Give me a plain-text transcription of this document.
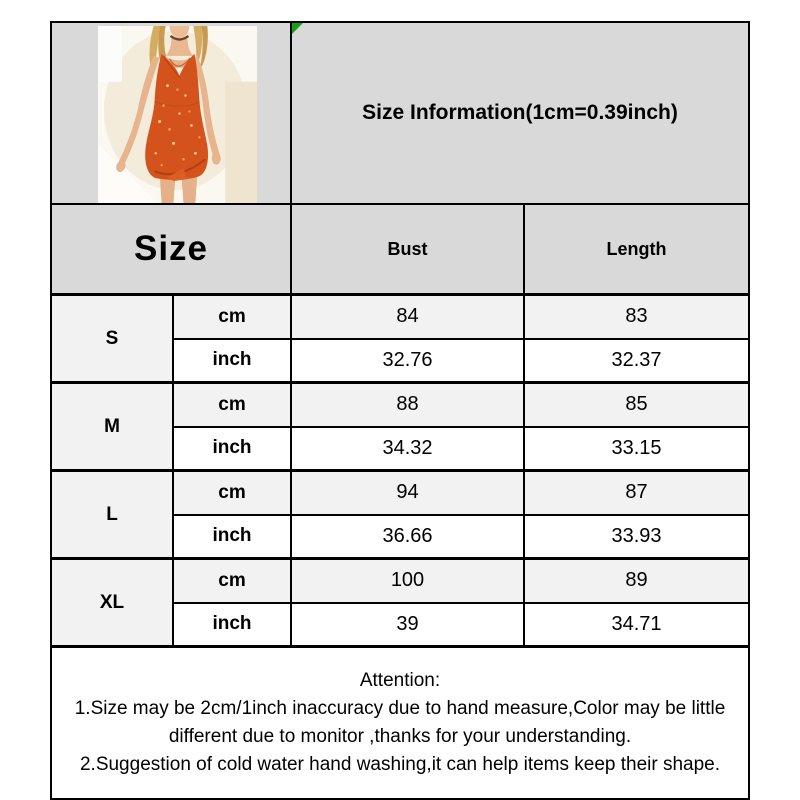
Size Information(1cm=0.39inch)	
Size		Bust	Length
S	cm	84	83
	inch	32.76	32.37
M	cm	88	85
	inch	34.32	33.15
L	cm	94	87
	inch	36.66	33.93
XL	cm	100	89
	inch	39	34.71

Attention:
1.Size may be 2cm/1inch inaccuracy due to hand measure,Color may be little
different due to monitor ,thanks for your understanding.
2.Suggestion of cold water hand washing,it can help items keep their shape.			
